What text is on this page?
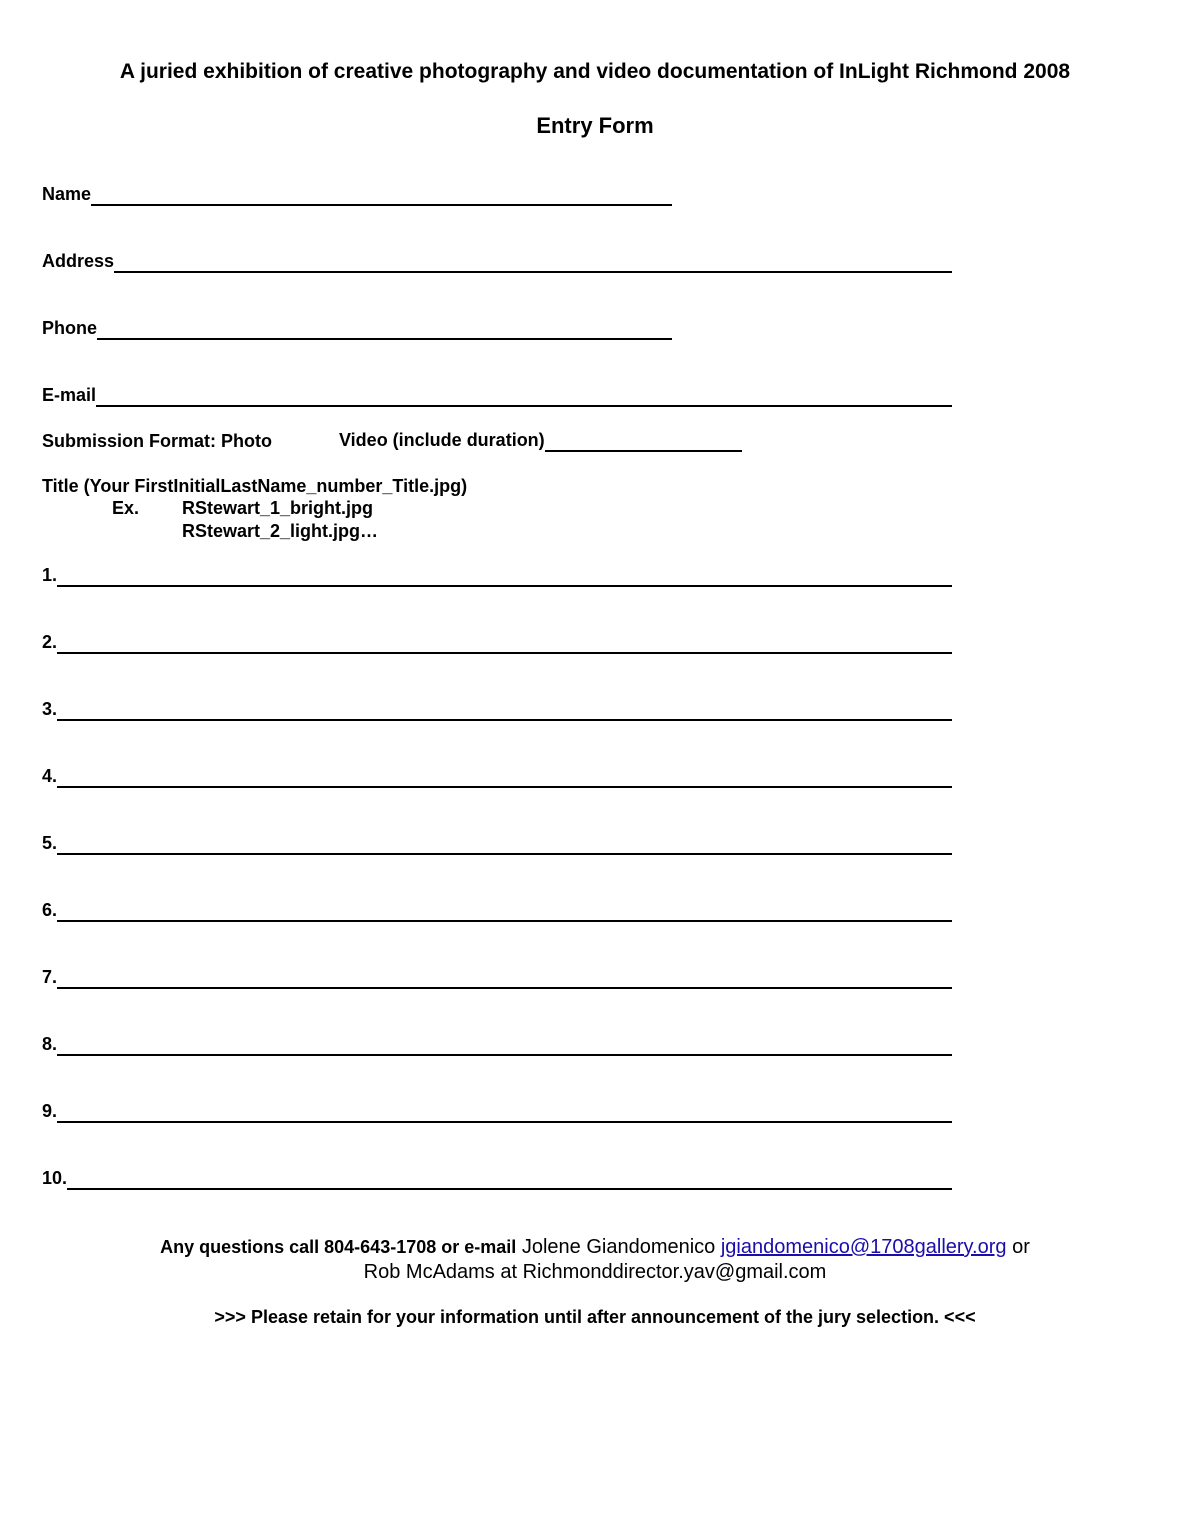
A juried exhibition of creative photography and video documentation of InLight Richmond 2008
Entry Form
Name
Address
Phone
E-mail
Submission Format: Photo	Video (include duration)
Title (Your FirstInitialLastName_number_Title.jpg)
Ex. RStewart_1_bright.jpg
RStewart_2_light.jpg…
1.
2.
3.
4.
5.
6.
7.
8.
9.
10.
Any questions call 804-643-1708 or e-mail Jolene Giandomenico jgiandomenico@1708gallery.org or
Rob McAdams at Richmonddirector.yav@gmail.com
>>> Please retain for your information until after announcement of the jury selection. <<<
